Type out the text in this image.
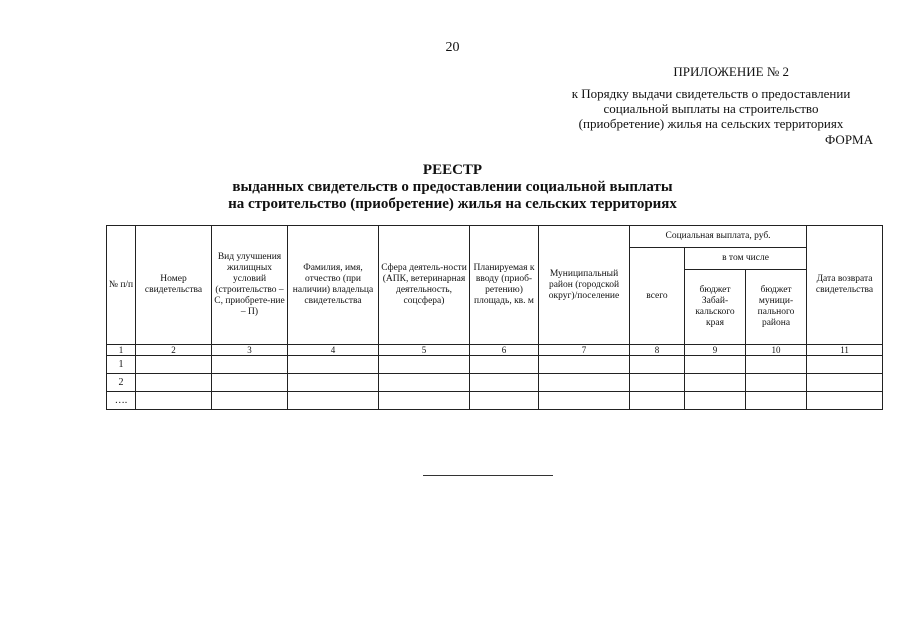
20
ПРИЛОЖЕНИЕ № 2
к Порядку выдачи свидетельств о предоставлении
социальной выплаты на строительство
(приобретение) жилья на сельских территориях
ФОРМА
РЕЕСТР
выданных свидетельств о предоставлении социальной выплаты
на строительство (приобретение) жилья на сельских территориях
№ п/п	Номер свидетельства	Вид улучшения жилищных условий (строительство – С, приобрете-ние – П)	Фамилия, имя, отчество (при наличии) владельца свидетельства	Сфера деятель-ности (АПК, ветеринарная деятельность, соцсфера)	Планируемая к вводу (приоб-ретению) площадь, кв. м	Муниципальный район (городской округ)/поселение	Социальная выплата, руб.			Дата возврата свидетельства
							всего	в том числе		
								бюджет Забай-кальского края	бюджет муници-пального района	
1	2	3	4	5	6	7	8	9	10	11
1										
2										
….										
